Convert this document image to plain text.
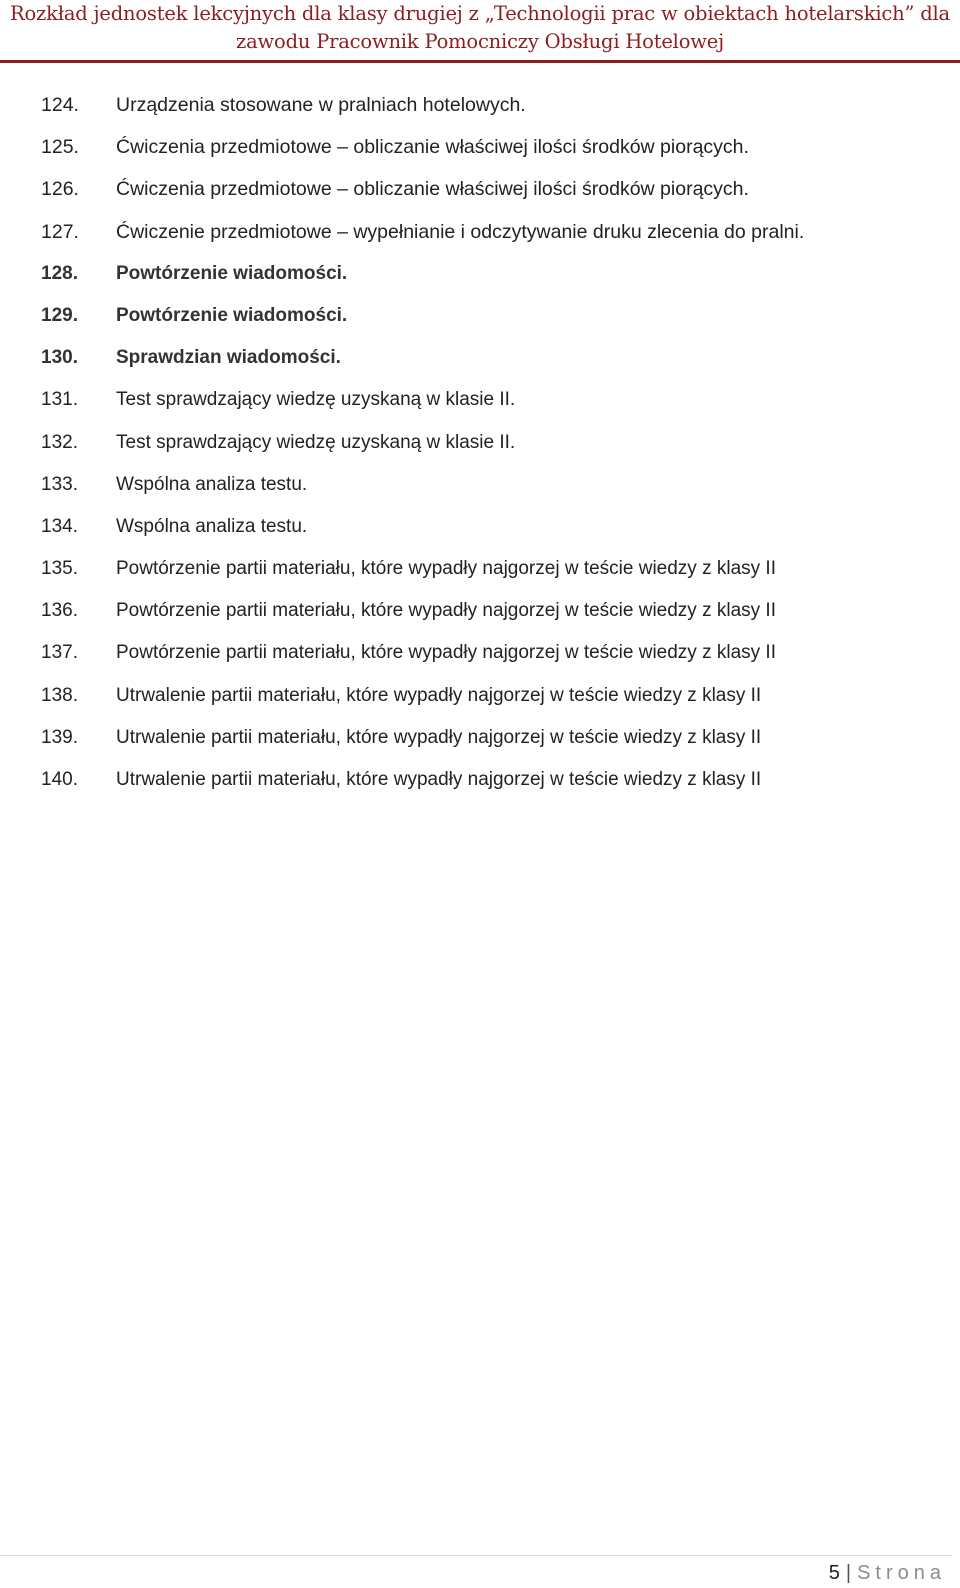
Rozkład jednostek lekcyjnych dla klasy drugiej z „Technologii prac w obiektach hotelarskich” dla
zawodu Pracownik Pomocniczy Obsługi Hotelowej
124. Urządzenia stosowane w pralniach hotelowych.
125. Ćwiczenia przedmiotowe – obliczanie właściwej ilości środków piorących.
126. Ćwiczenia przedmiotowe – obliczanie właściwej ilości środków piorących.
127. Ćwiczenie przedmiotowe – wypełnianie i odczytywanie druku zlecenia do pralni.
128. Powtórzenie wiadomości.
129. Powtórzenie wiadomości.
130. Sprawdzian wiadomości.
131. Test sprawdzający wiedzę uzyskaną w klasie II.
132. Test sprawdzający wiedzę uzyskaną w klasie II.
133. Wspólna analiza testu.
134. Wspólna analiza testu.
135. Powtórzenie partii materiału, które wypadły najgorzej w teście wiedzy z klasy II
136. Powtórzenie partii materiału, które wypadły najgorzej w teście wiedzy z klasy II
137. Powtórzenie partii materiału, które wypadły najgorzej w teście wiedzy z klasy II
138. Utrwalenie partii materiału, które wypadły najgorzej w teście wiedzy z klasy II
139. Utrwalenie partii materiału, które wypadły najgorzej w teście wiedzy z klasy II
140. Utrwalenie partii materiału, które wypadły najgorzej w teście wiedzy z klasy II
5 | Strona
